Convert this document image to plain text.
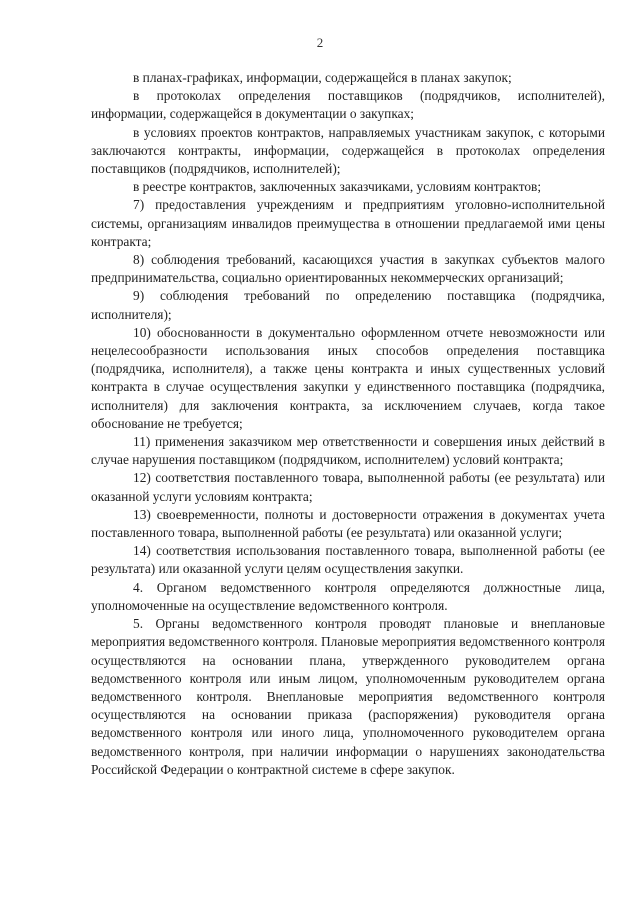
2

в планах-графиках, информации, содержащейся в планах закупок;

в протоколах определения поставщиков (подрядчиков, исполнителей), информации, содержащейся в документации о закупках;

в условиях проектов контрактов, направляемых участникам закупок, с которыми заключаются контракты, информации, содержащейся в протоколах определения поставщиков (подрядчиков, исполнителей);

в реестре контрактов, заключенных заказчиками, условиям контрактов;

7) предоставления учреждениям и предприятиям уголовно-исполнительной системы, организациям инвалидов преимущества в отношении предлагаемой ими цены контракта;

8) соблюдения требований, касающихся участия в закупках субъектов малого предпринимательства, социально ориентированных некоммерческих организаций;

9) соблюдения требований по определению поставщика (подрядчика, исполнителя);

10) обоснованности в документально оформленном отчете невозможности или нецелесообразности использования иных способов определения поставщика (подрядчика, исполнителя), а также цены контракта и иных существенных условий контракта в случае осуществления закупки у единственного поставщика (подрядчика, исполнителя) для заключения контракта, за исключением случаев, когда такое обоснование не требуется;

11) применения заказчиком мер ответственности и совершения иных действий в случае нарушения поставщиком (подрядчиком, исполнителем) условий контракта;

12) соответствия поставленного товара, выполненной работы (ее результата) или оказанной услуги условиям контракта;

13) своевременности, полноты и достоверности отражения в документах учета поставленного товара, выполненной работы (ее результата) или оказанной услуги;

14) соответствия использования поставленного товара, выполненной работы (ее результата) или оказанной услуги целям осуществления закупки.

4. Органом ведомственного контроля определяются должностные лица, уполномоченные на осуществление ведомственного контроля.

5. Органы ведомственного контроля проводят плановые и внеплановые мероприятия ведомственного контроля. Плановые мероприятия ведомственного контроля осуществляются на основании плана, утвержденного руководителем органа ведомственного контроля или иным лицом, уполномоченным руководителем органа ведомственного контроля. Внеплановые мероприятия ведомственного контроля осуществляются на основании приказа (распоряжения) руководителя органа ведомственного контроля или иного лица, уполномоченного руководителем органа ведомственного контроля, при наличии информации о нарушениях законодательства Российской Федерации о контрактной системе в сфере закупок.
